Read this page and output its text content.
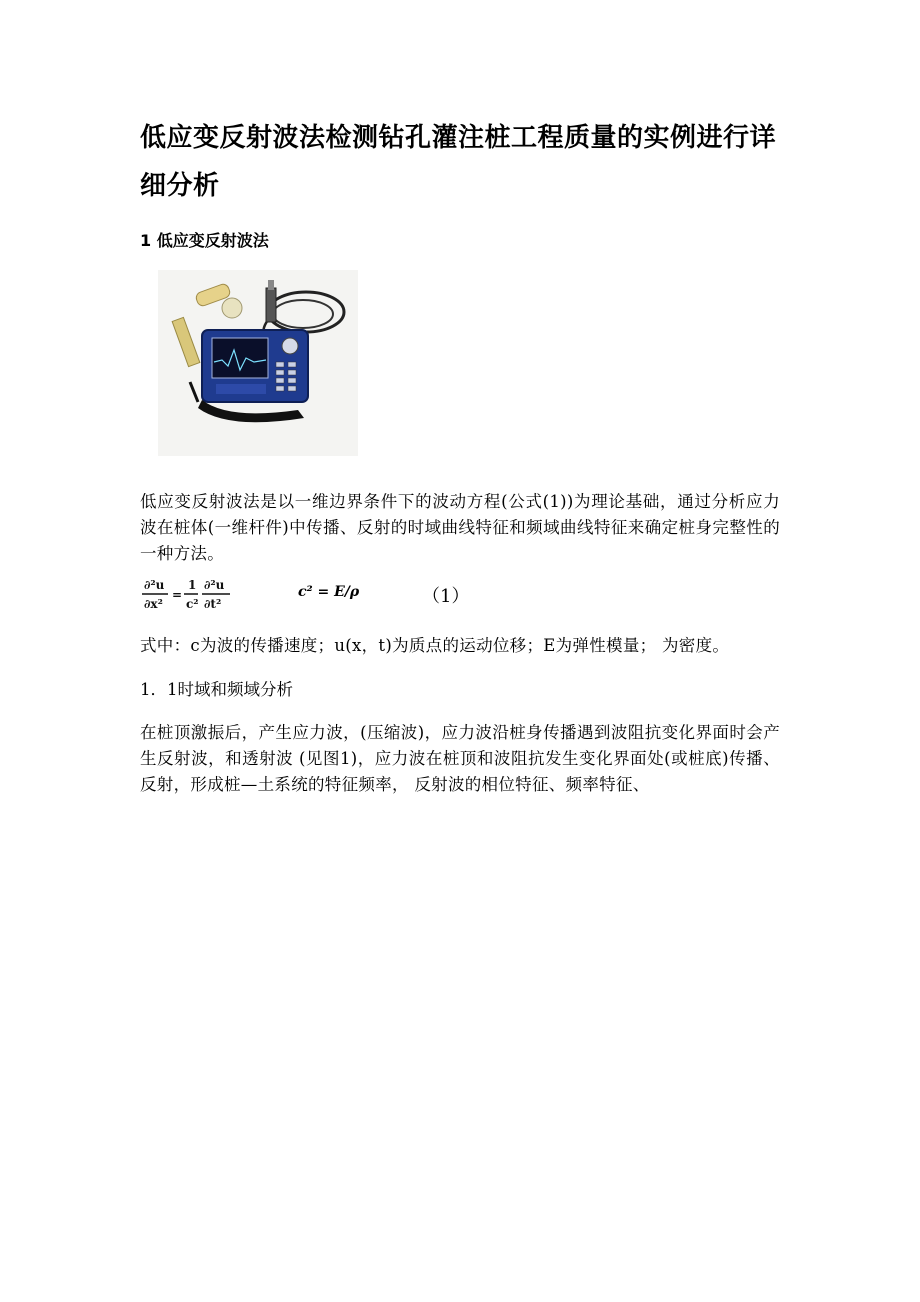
低应变反射波法检测钻孔灌注桩工程质量的实例进行详细分析
1 低应变反射波法
低应变反射波法是以一维边界条件下的波动方程(公式(1))为理论基础，通过分析应力波在桩体(一维杆件)中传播、反射的时域曲线特征和频域曲线特征来确定桩身完整性的一种方法。
∂²u
∂x²
=
1
c²
∂²u
∂t²
c² = E/ρ	（1）
式中：c为波的传播速度；u(x，t)为质点的运动位移；E为弹性模量； 为密度。
1．1时域和频域分析
在桩顶激振后，产生应力波，(压缩波)，应力波沿桩身传播遇到波阻抗变化界面时会产生反射波，和透射波 (见图1)，应力波在桩顶和波阻抗发生变化界面处(或桩底)传播、反射，形成桩—土系统的特征频率， 反射波的相位特征、频率特征、
